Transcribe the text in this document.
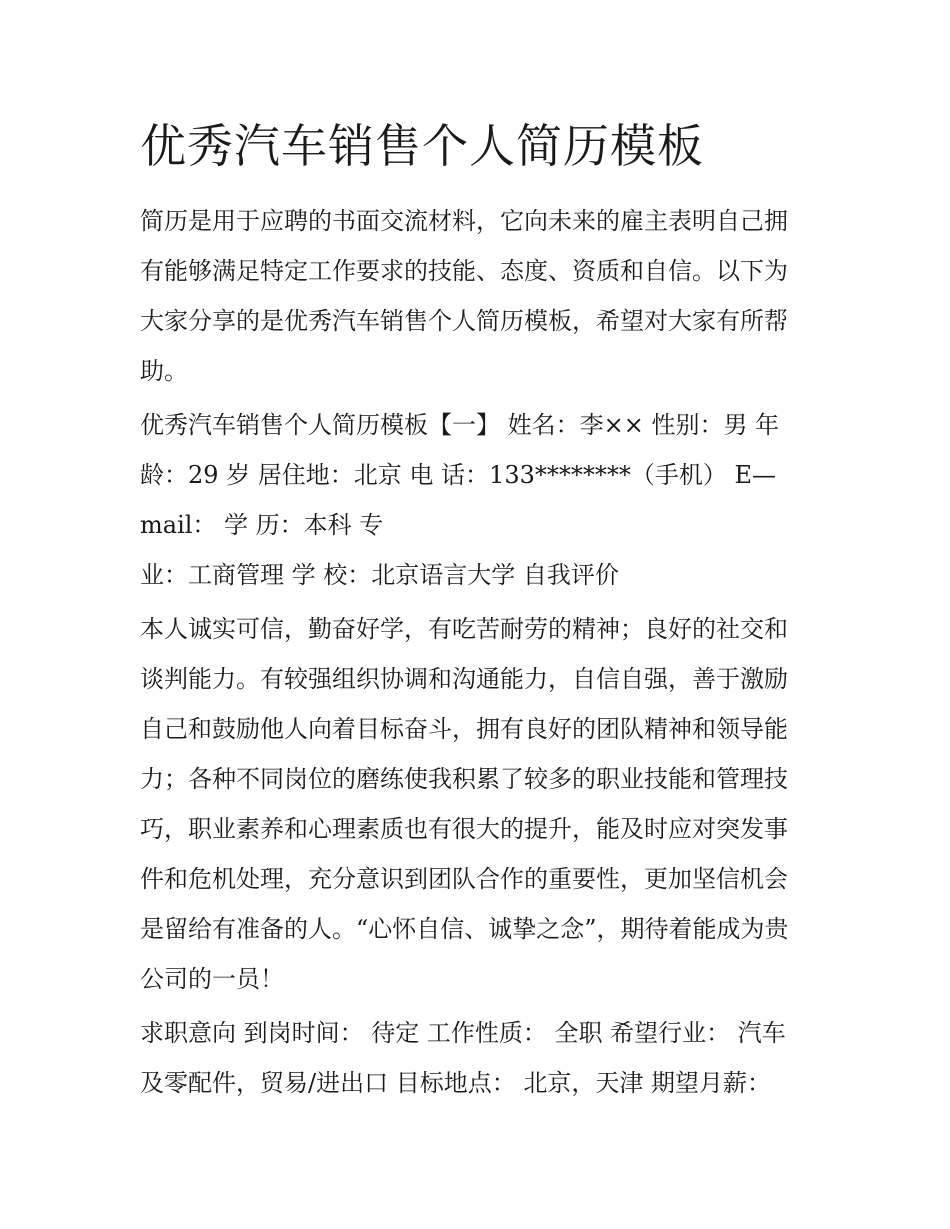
优秀汽车销售个人简历模板
简历是用于应聘的书面交流材料，它向未来的雇主表明自己拥
有能够满足特定工作要求的技能、态度、资质和自信。以下为
大家分享的是优秀汽车销售个人简历模板，希望对大家有所帮
助。
优秀汽车销售个人简历模板【一】 姓名：李×× 性别：男 年
龄：29 岁 居住地：北京 电 话：133********（手机） E—
mail： 学 历：本科 专
业：工商管理 学 校：北京语言大学 自我评价
本人诚实可信，勤奋好学，有吃苦耐劳的精神；良好的社交和
谈判能力。有较强组织协调和沟通能力，自信自强，善于激励
自己和鼓励他人向着目标奋斗，拥有良好的团队精神和领导能
力；各种不同岗位的磨练使我积累了较多的职业技能和管理技
巧，职业素养和心理素质也有很大的提升，能及时应对突发事
件和危机处理，充分意识到团队合作的重要性，更加坚信机会
是留给有准备的人。“心怀自信、诚挚之念”，期待着能成为贵
公司的一员！
求职意向 到岗时间： 待定 工作性质： 全职 希望行业： 汽车
及零配件，贸易/进出口 目标地点： 北京，天津 期望月薪：
